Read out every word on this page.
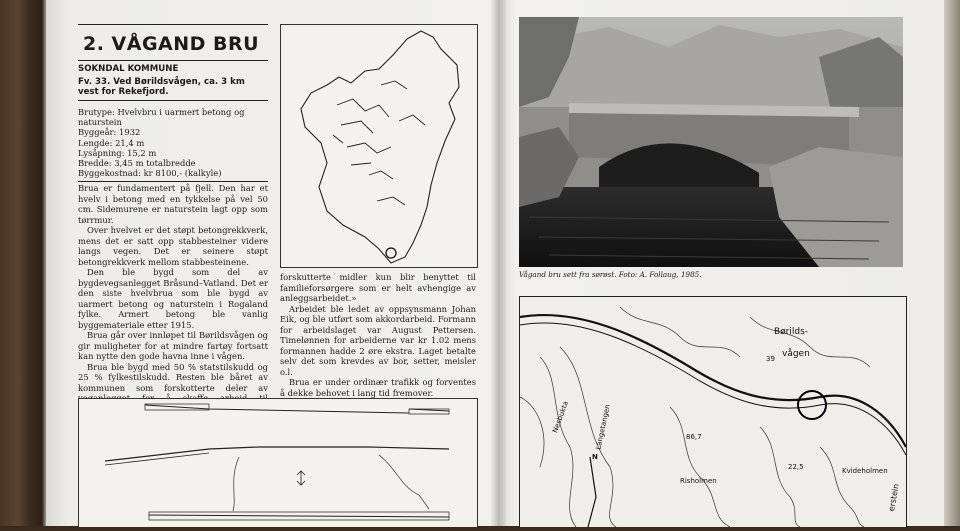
2. VÅGAND BRU
SOKNDAL KOMMUNE
Fv. 33. Ved Børildsvågen, ca. 3 km vest for Rekefjord.
Brutype: Hvelvbru i uarmert betong og naturstein
Byggeår: 1932
Lengde: 21,4 m
Lysåpning: 15,2 m
Bredde: 3,45 m totalbredde
Byggekostnad: kr 8100,- (kalkyle)

Brua er fundamentert på fjell. Den har et hvelv i betong med en tykkelse på vel 50 cm. Sidemurene er naturstein lagt opp som tørrmur.

Over hvelvet er det støpt betongrekkverk, mens det er satt opp stabbesteiner videre langs vegen. Det er seinere støpt betongrekkverk mellom stabbesteinene.

Den ble bygd som del av bygdevegsanlegget Bråsund–Vatland. Det er den siste hvelvbrua som ble bygd av uarmert betong og naturstein i Rogaland fylke. Armert betong ble vanlig byggemateriale etter 1915.

Brua går over innløpet til Børildsvågen og gir muligheter for at mindre fartøy fortsatt kan nytte den gode havna inne i vågen.

Brua ble bygd med 50 % statstilskudd og 25 % fylkestilskudd. Resten ble båret av kommunen som forskotterte deler av

forskutterte midler kun blir benyttet til familieforsørgere som er helt avhengige av anleggsarbeidet.»

Arbeidet ble ledet av oppsynsmann Johan Eik, og ble utført som akkordarbeid. Formann for arbeidslaget var August Pettersen. Timelønnen for arbeiderne var kr 1.02 mens formannen hadde 2 øre ekstra. Laget betalte selv det som krevdes av bor, setter, meisler o.l.

Brua er under ordinær trafikk og forventes å dekke behovet i lang tid fremover.

Vågand bru sett fra sørøst. Foto: A. Follaug, 1985.
Børilds-
vågen
Risholmen
Kvideholmen
Nesbukta	Langetangen
N
39
86,7
22,5
erstein
